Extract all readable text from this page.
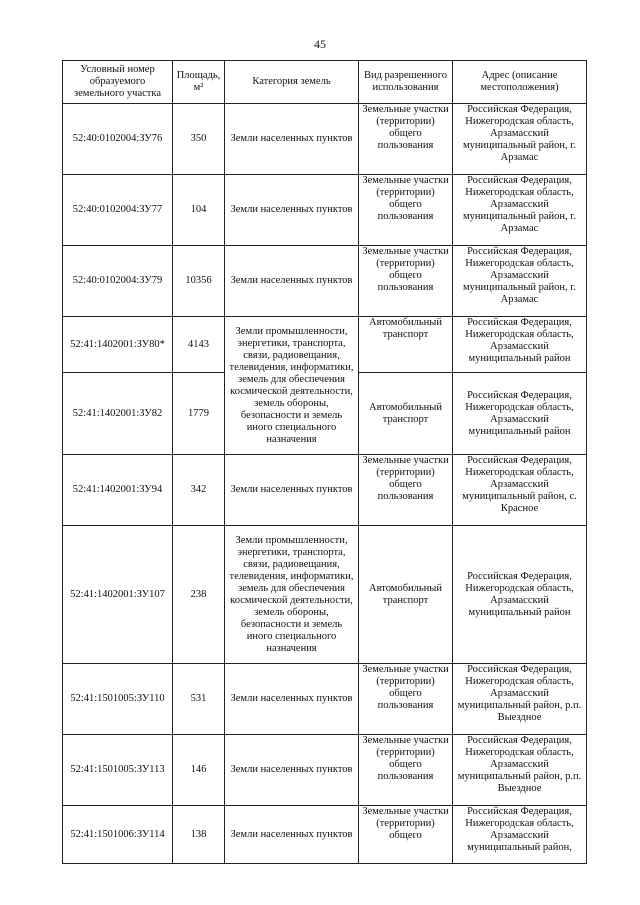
45
Условный номер образуемого земельного участка	Площадь, м²	Категория земель	Вид разрешенного использования	Адрес (описание местоположения)
52:40:0102004:ЗУ76	350	Земли населенных пунктов	Земельные участки (территории) общего пользования	Российская Федерация, Нижегородская область, Арзамасский муниципальный район, г. Арзамас
52:40:0102004:ЗУ77	104	Земли населенных пунктов	Земельные участки (территории) общего пользования	Российская Федерация, Нижегородская область, Арзамасский муниципальный район, г. Арзамас
52:40:0102004:ЗУ79	10356	Земли населенных пунктов	Земельные участки (территории) общего пользования	Российская Федерация, Нижегородская область, Арзамасский муниципальный район, г. Арзамас
52:41:1402001:ЗУ80*	4143	Земли промышленности, энергетики, транспорта, связи, радиовещания, телевидения, информатики, земель для обеспечения космической деятельности, земель обороны, безопасности и земель иного специального назначения	Автомобильный транспорт	Российская Федерация, Нижегородская область, Арзамасский муниципальный район
52:41:1402001:ЗУ82	1779		Автомобильный транспорт	Российская Федерация, Нижегородская область, Арзамасский муниципальный район
52:41:1402001:ЗУ94	342	Земли населенных пунктов	Земельные участки (территории) общего пользования	Российская Федерация, Нижегородская область, Арзамасский муниципальный район, с. Красное
52:41:1402001:ЗУ107	238	Земли промышленности, энергетики, транспорта, связи, радиовещания, телевидения, информатики, земель для обеспечения космической деятельности, земель обороны, безопасности и земель иного специального назначения	Автомобильный транспорт	Российская Федерация, Нижегородская область, Арзамасский муниципальный район
52:41:1501005:ЗУ110	531	Земли населенных пунктов	Земельные участки (территории) общего пользования	Российская Федерация, Нижегородская область, Арзамасский муниципальный район, р.п. Выездное
52:41:1501005:ЗУ113	146	Земли населенных пунктов	Земельные участки (территории) общего пользования	Российская Федерация, Нижегородская область, Арзамасский муниципальный район, р.п. Выездное
52:41:1501006:ЗУ114	138	Земли населенных пунктов	Земельные участки (территории) общего	Российская Федерация, Нижегородская область, Арзамасский муниципальный район,
